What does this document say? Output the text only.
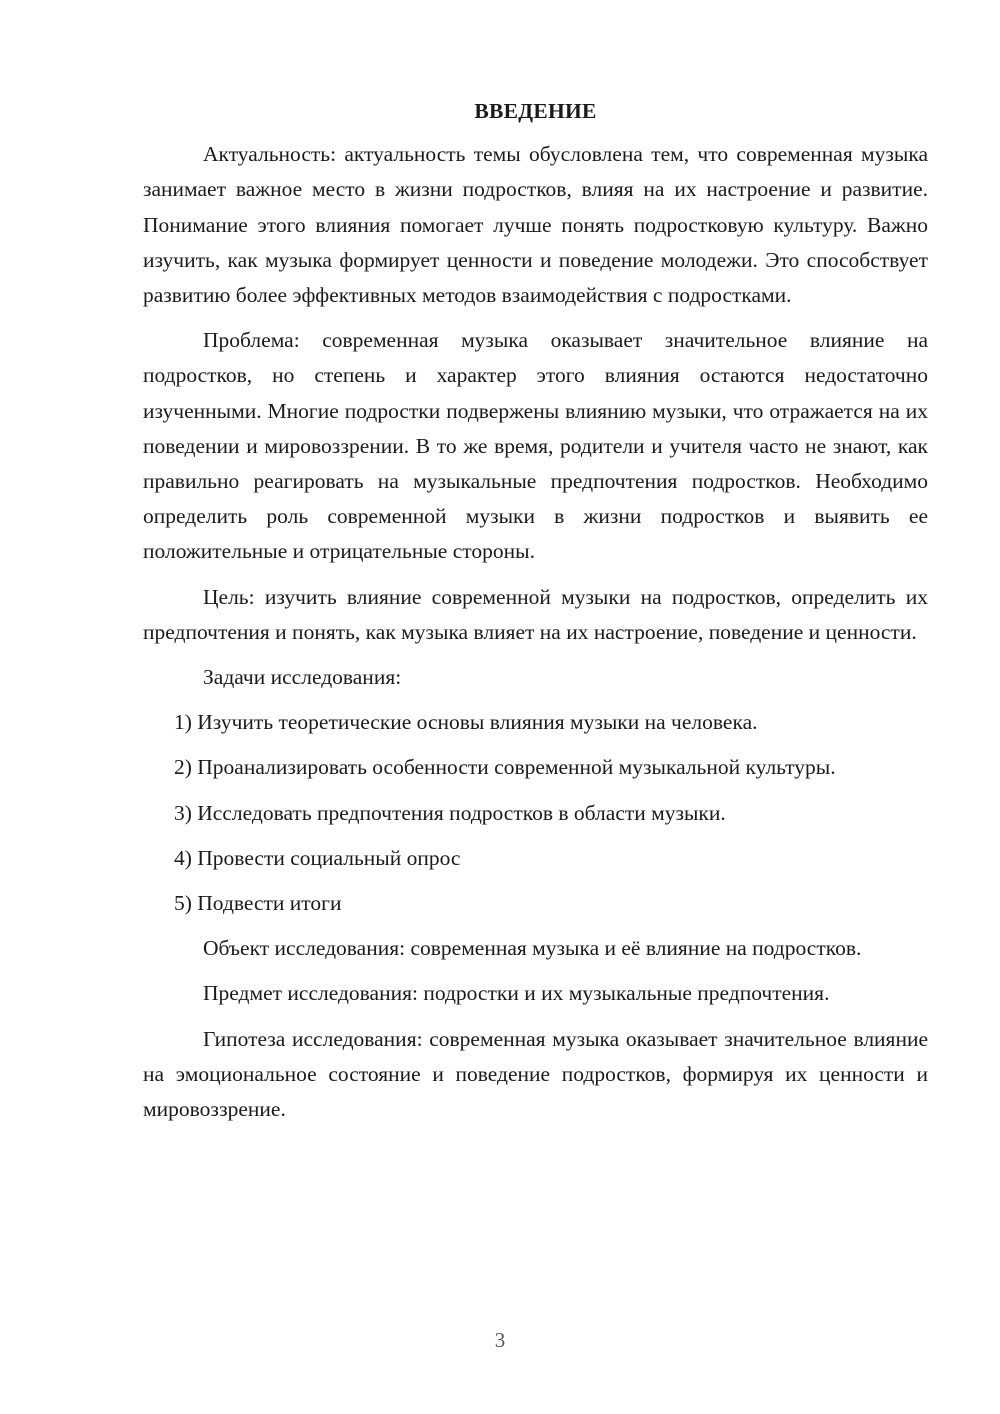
ВВЕДЕНИЕ

Актуальность: актуальность темы обусловлена тем, что современная музыка занимает важное место в жизни подростков, влияя на их настроение и развитие. Понимание этого влияния помогает лучше понять подростковую культуру. Важно изучить, как музыка формирует ценности и поведение молодежи. Это способствует развитию более эффективных методов взаимодействия с подростками.

Проблема: современная музыка оказывает значительное влияние на подростков, но степень и характер этого влияния остаются недостаточно изученными. Многие подростки подвержены влиянию музыки, что отражается на их поведении и мировоззрении. В то же время, родители и учителя часто не знают, как правильно реагировать на музыкальные предпочтения подростков. Необходимо определить роль современной музыки в жизни подростков и выявить ее положительные и отрицательные стороны.

Цель: изучить влияние современной музыки на подростков, определить их предпочтения и понять, как музыка влияет на их настроение, поведение и ценности.

Задачи исследования:

1) Изучить теоретические основы влияния музыки на человека.

2) Проанализировать особенности современной музыкальной культуры.

3) Исследовать предпочтения подростков в области музыки.

4) Провести социальный опрос

5) Подвести итоги

Объект исследования: современная музыка и её влияние на подростков.

Предмет исследования: подростки и их музыкальные предпочтения.

Гипотеза исследования: современная музыка оказывает значительное влияние на эмоциональное состояние и поведение подростков, формируя их ценности и мировоззрение.

3
